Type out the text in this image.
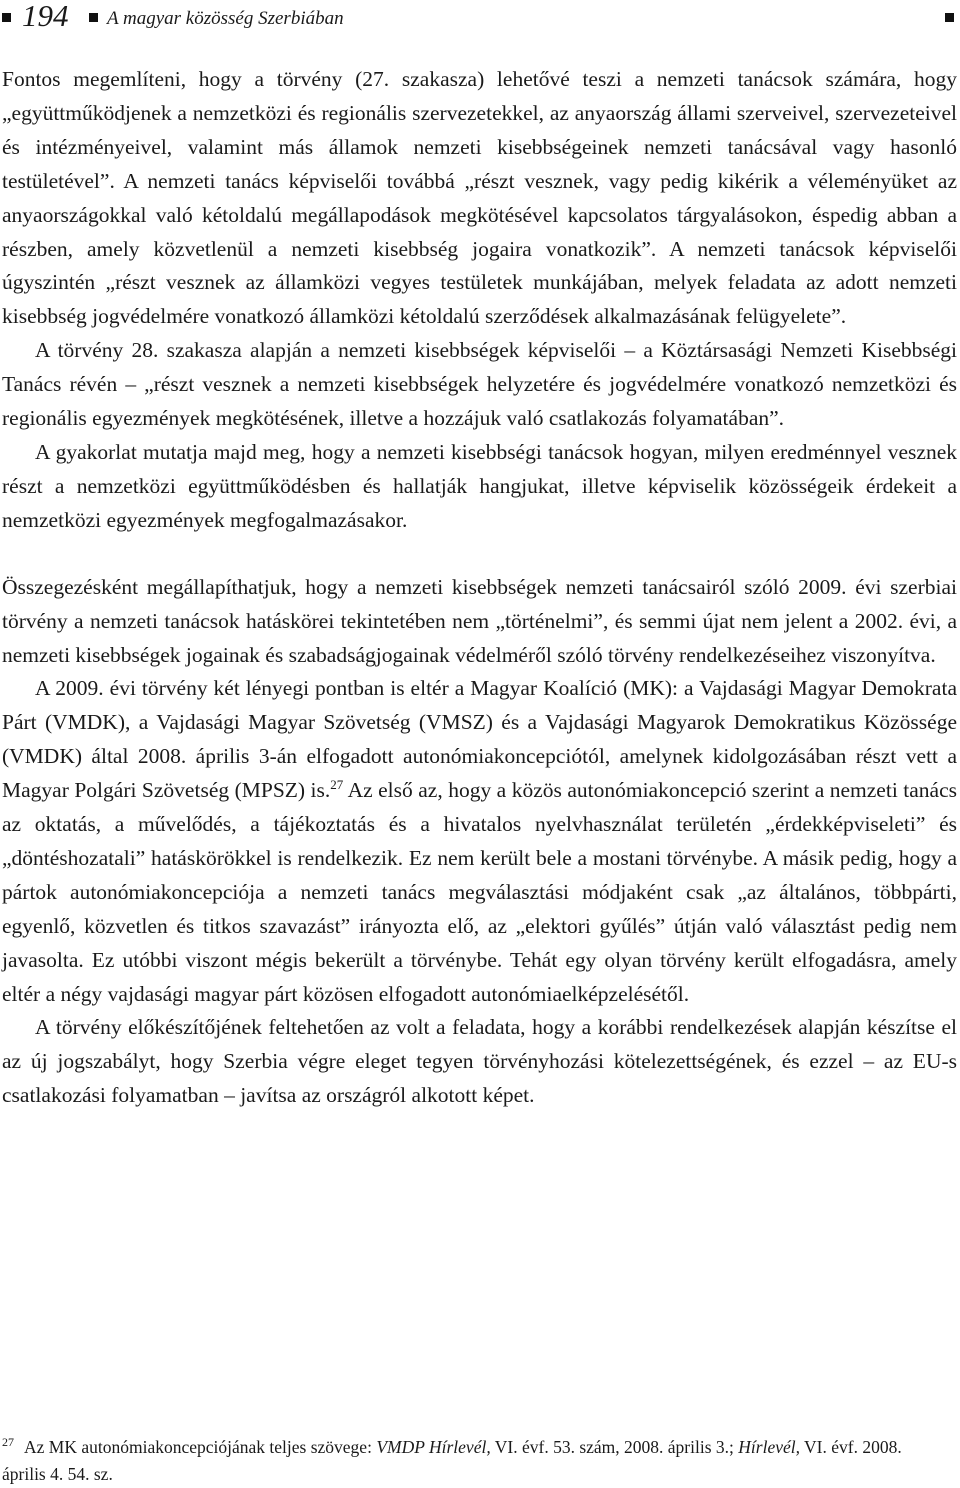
194 A magyar közösség Szerbiában

Fontos megemlíteni, hogy a törvény (27. szakasza) lehetővé teszi a nemzeti tanácsok számára, hogy „együttműködjenek a nemzetközi és regionális szervezetekkel, az anyaország állami szerveivel, szervezeteivel és intézményeivel, valamint más államok nemzeti kisebbségeinek nemzeti tanácsával vagy hasonló testületével”. A nemzeti tanács képviselői továbbá „részt vesznek, vagy pedig kikérik a véleményüket az anyaországokkal való kétoldalú megállapodások megkötésével kapcsolatos tárgyalásokon, éspedig abban a részben, amely közvetlenül a nemzeti kisebbség jogaira vonatkozik”. A nemzeti tanácsok képviselői úgyszintén „részt vesznek az államközi vegyes testületek munkájában, melyek feladata az adott nemzeti kisebbség jogvédelmére vonatkozó államközi kétoldalú szerződések alkalmazásának felügyelete”.

A törvény 28. szakasza alapján a nemzeti kisebbségek képviselői – a Köztársasági Nemzeti Kisebbségi Tanács révén – „részt vesznek a nemzeti kisebbségek helyzetére és jogvédelmére vonatkozó nemzetközi és regionális egyezmények megkötésének, illetve a hozzájuk való csatlakozás folyamatában”.

A gyakorlat mutatja majd meg, hogy a nemzeti kisebbségi tanácsok hogyan, milyen eredménnyel vesznek részt a nemzetközi együttműködésben és hallatják hangjukat, illetve képviselik közösségeik érdekeit a nemzetközi egyezmények megfogalmazásakor.

Összegezésként megállapíthatjuk, hogy a nemzeti kisebbségek nemzeti tanácsairól szóló 2009. évi szerbiai törvény a nemzeti tanácsok hatáskörei tekintetében nem „történelmi”, és semmi újat nem jelent a 2002. évi, a nemzeti kisebbségek jogainak és szabadságjogainak védelméről szóló törvény rendelkezéseihez viszonyítva.

A 2009. évi törvény két lényegi pontban is eltér a Magyar Koalíció (MK): a Vajdasági Magyar Demokrata Párt (VMDK), a Vajdasági Magyar Szövetség (VMSZ) és a Vajdasági Magyarok Demokratikus Közössége (VMDK) által 2008. április 3-án elfogadott autonómiakoncepciótól, amelynek kidolgozásában részt vett a Magyar Polgári Szövetség (MPSZ) is.$^{27}$ Az első az, hogy a közös autonómiakoncepció szerint a nemzeti tanács az oktatás, a művelődés, a tájékoztatás és a hivatalos nyelvhasználat területén „érdekképviseleti” és „döntéshozatali” hatáskörökkel is rendelkezik. Ez nem került bele a mostani törvénybe. A másik pedig, hogy a pártok autonómiakoncepciója a nemzeti tanács megválasztási módjaként csak „az általános, többpárti, egyenlő, közvetlen és titkos szavazást” irányozta elő, az „elektori gyűlés” útján való választást pedig nem javasolta. Ez utóbbi viszont mégis bekerült a törvénybe. Tehát egy olyan törvény került elfogadásra, amely eltér a négy vajdasági magyar párt közösen elfogadott autonómiaelképzelésétől.

A törvény előkészítőjének feltehetően az volt a feladata, hogy a korábbi rendelkezések alapján készítse el az új jogszabályt, hogy Szerbia végre eleget tegyen törvényhozási kötelezettségének, és ezzel – az EU-s csatlakozási folyamatban – javítsa az országról alkotott képet.

$^{27}$ Az MK autonómiakoncepciójának teljes szövege: VMDP Hírlevél, VI. évf. 53. szám, 2008. április 3.; Hírlevél, VI. évf. 2008. április 4. 54. sz.
